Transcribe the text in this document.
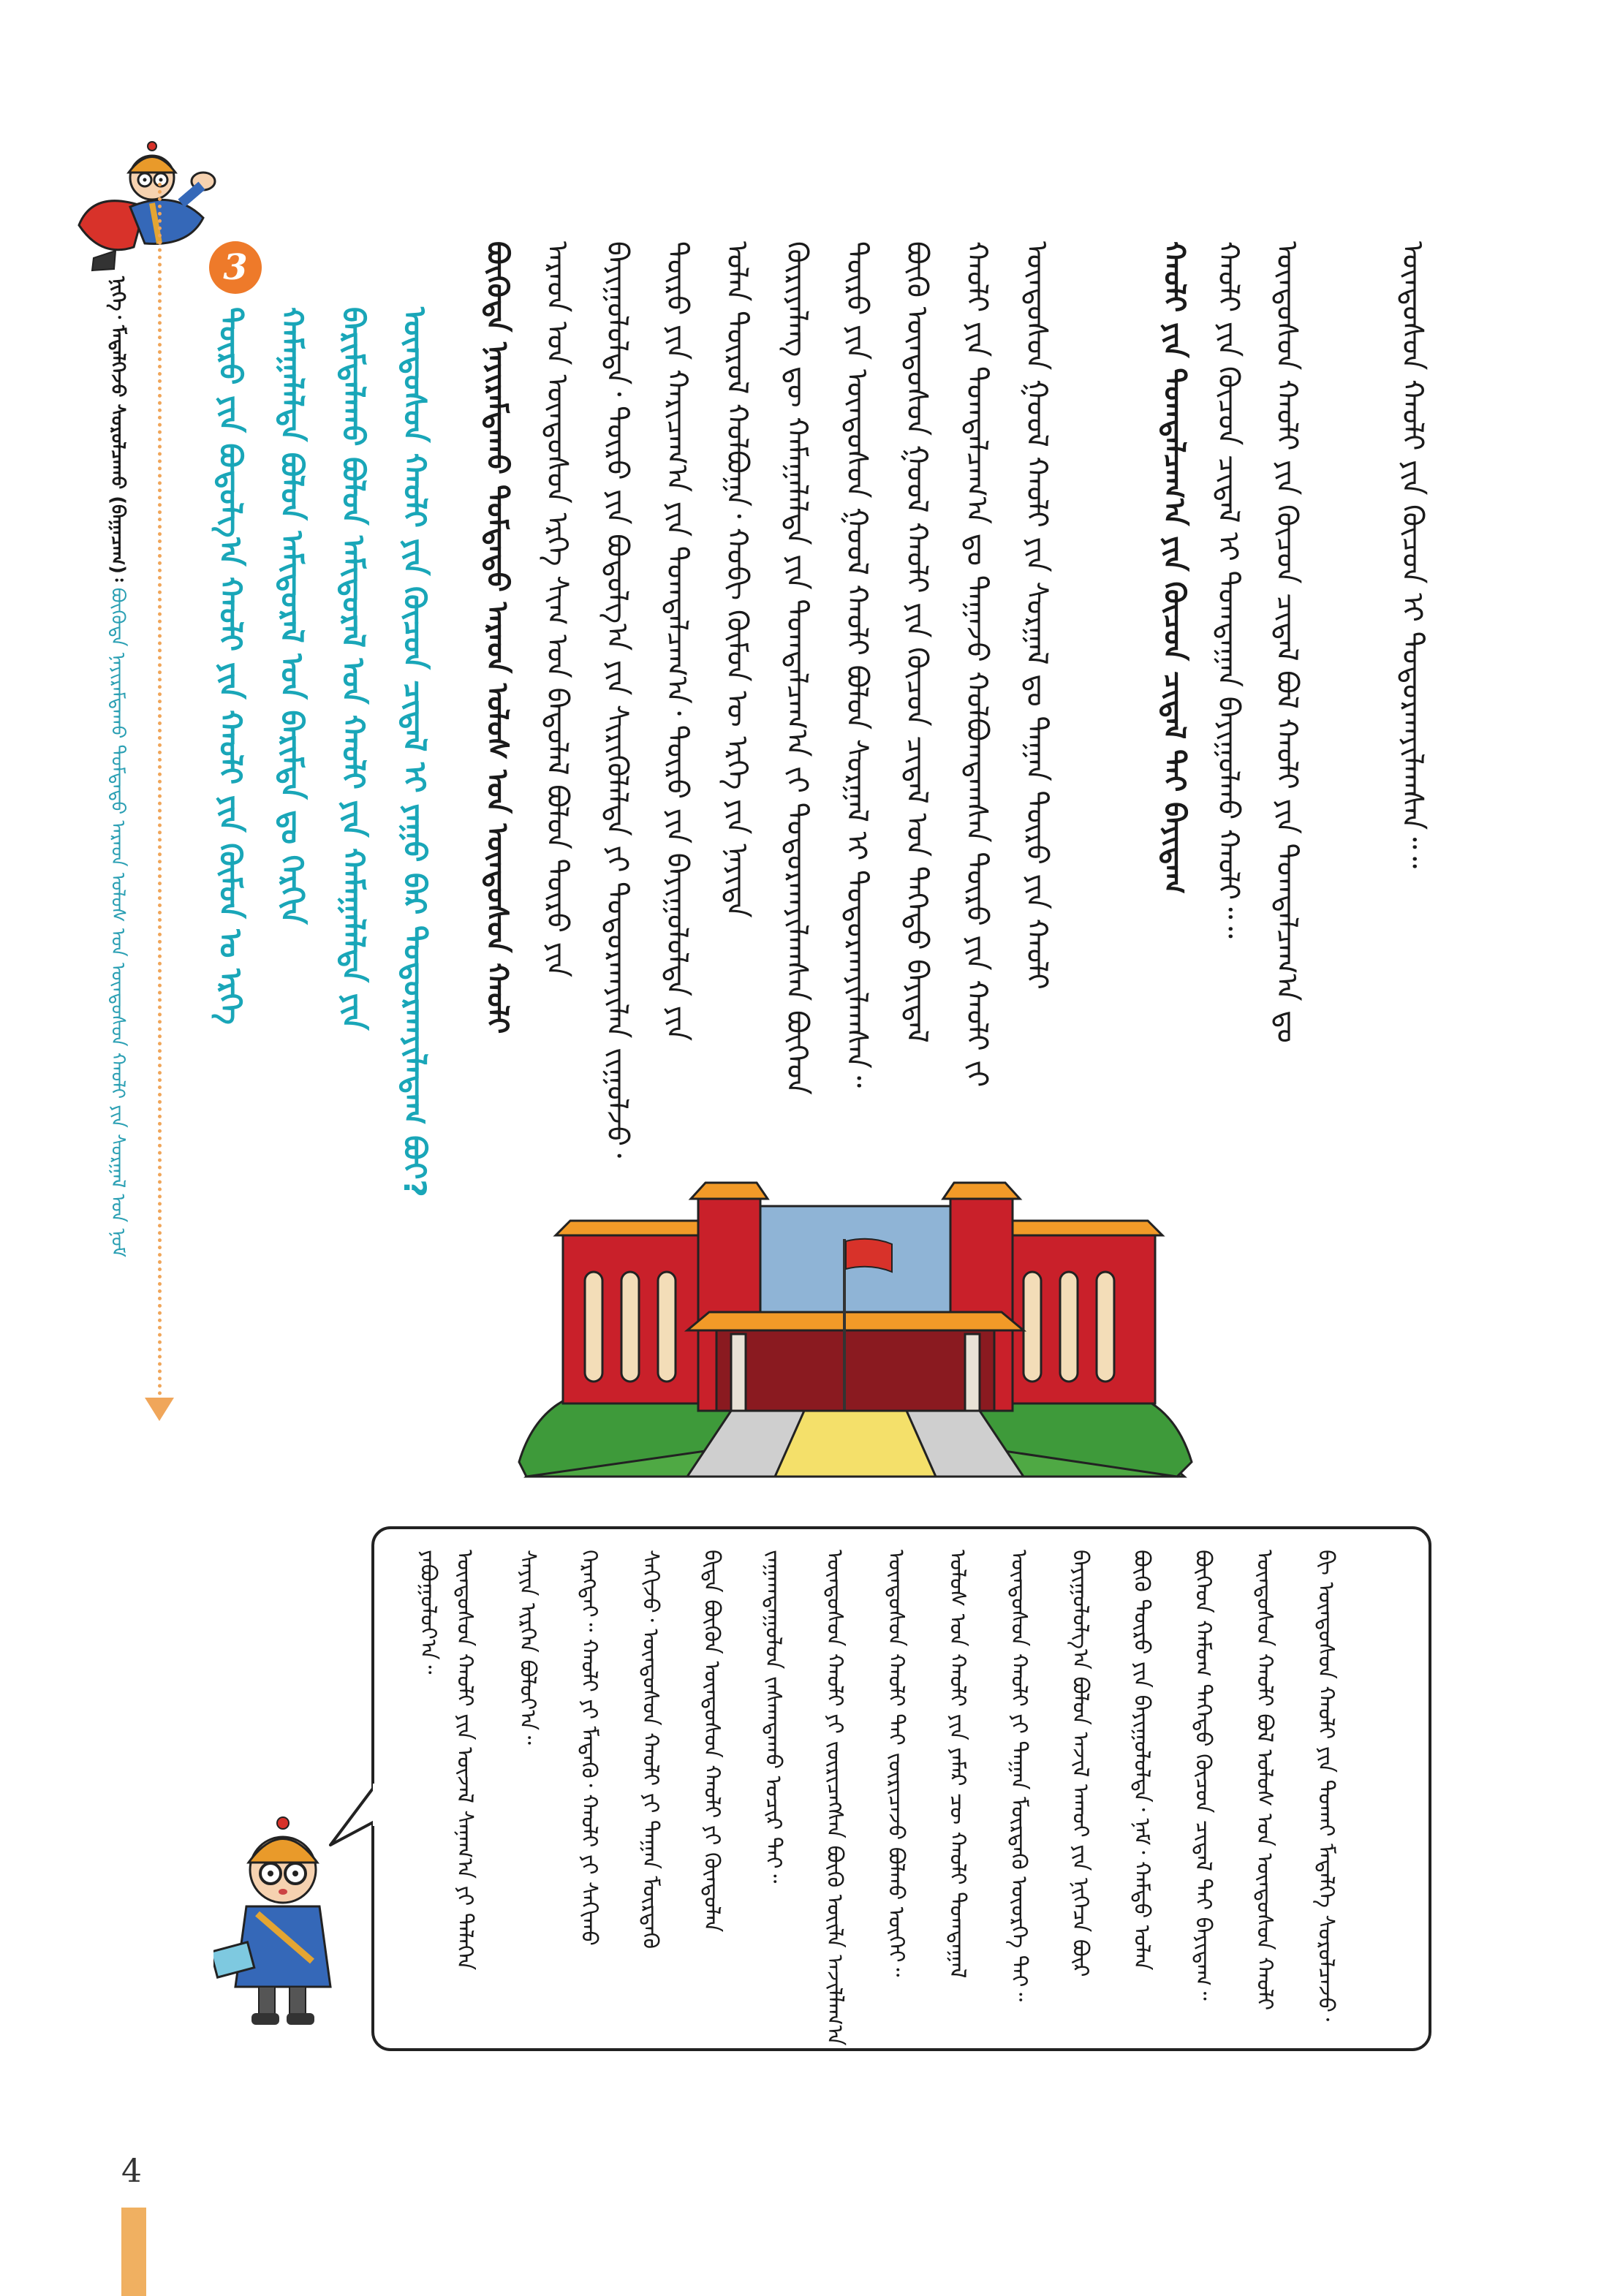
ᠨᠢᠭᠡ᠂ ᠮᠡᠳᠡᠯᠭᠡᠵᠦ ᠰᠤᠷᠤᠯᠴᠠᠬᠤ (ᠪᠠᠭᠠᠴᠠᠭ)᠄ ᠪᠦᠭᠦᠳᠡ ᠨᠠᠶᠢᠷᠠᠮᠳᠠᠬᠤ ᠳᠤᠮᠳᠠᠳᠤ ᠠᠷᠠᠳ ᠤᠯᠤᠰ ᠤᠨ ᠦᠨᠳᠦᠰᠦᠨ ᠬᠠᠤᠯᠢ ᠶᠢᠨ ᠰᠤᠷᠭᠠᠯ ᠤᠨ ᠨᠣᠮ
3
ᠲᠥᠷᠦ ᠶᠢᠨ ᠪᠣᠳᠣᠯᠭ᠎ᠠ ᠬᠠᠤᠯᠢ ᠶᠢᠨ ᠬᠠᠤᠯᠢ ᠶᠢᠨ ᠬᠦᠮᠦᠨ ᠤ ᠡᠷᠬᠡ ᠬᠠᠮᠠᠭᠠᠯᠠᠯᠲᠠ ᠪᠣᠯᠤᠨ ᠠᠮᠢᠳᠤᠷᠠᠯ ᠤᠨ ᠪᠠᠷᠢᠮᠲᠠ ᠳᠤ ᠬᠡᠷᠬᠢᠨ ᠪᠠᠷᠢᠮᠲᠠᠯᠠᠬᠤ ᠪᠣᠯᠤᠨ ᠠᠮᠢᠳᠤᠷᠠᠯ ᠤᠨ ᠬᠠᠤᠯᠢ ᠶᠢᠨ ᠬᠠᠮᠠᠭᠠᠯᠠᠯᠲᠠ ᠶᠢᠨ ᠦᠨᠳᠦᠰᠦᠨ ᠬᠠᠤᠯᠢ ᠶᠢᠨ ᠬᠦᠴᠦᠨ ᠴᠢᠳᠠᠯ ᠢ ᠶᠠᠭᠤ ᠪᠡᠷ ᠲᠣᠳᠤᠷᠬᠠᠶᠢᠯᠠᠳᠠᠭ ᠪᠤᠢ? ᠪᠦᠭᠦᠳᠡ ᠨᠠᠶᠢᠷᠠᠮᠳᠠᠬᠤ ᠳᠤᠮᠳᠠᠳᠤ ᠠᠷᠠᠳ ᠤᠯᠤᠰ ᠤᠨ ᠦᠨᠳᠦᠰᠦᠨ ᠬᠠᠤᠯᠢ ᠠᠷᠠᠳ ᠤᠨ ᠦᠨᠳᠦᠰᠦᠨ ᠡᠷᠬᠡ ᠰᠢᠭ᠋ ᠤᠨ ᠪᠠᠲᠤᠯᠠᠯ ᠪᠣᠯᠤᠨ ᠲᠥᠷᠦ ᠶᠢᠨ ᠪᠠᠶᠢᠭᠤᠯᠤᠯᠲᠠ᠂ ᠲᠥᠷᠦ ᠶᠢᠨ ᠪᠣᠳᠣᠯᠭ᠎ᠠ ᠶᠢᠨ ᠰᠢᠷᠢᠭᠦᠯᠡᠯᠲᠡ ᠶᠢ ᠲᠣᠳᠤᠷᠬᠠᠶᠢᠯᠠᠨ ᠵᠢᠭᠤᠯᠵᠤ᠂ ᠲᠥᠷᠦ ᠶᠢᠨ ᠬᠠᠷᠢᠴᠠᠭ᠎ᠠ ᠶᠢᠨ ᠲᠣᠭᠲᠠᠯᠴᠠᠭ᠎ᠠ᠂ ᠲᠥᠷᠦ ᠶᠢᠨ ᠪᠠᠶᠢᠭᠤᠯᠤᠯᠲᠠ ᠶᠢᠨ ᠣᠯᠠᠨ ᠲᠥᠷᠥᠯ ᠬᠣᠯᠪᠣᠭᠠ᠂ ᠬᠤᠪᠢ ᠬᠥᠮᠦᠨ ᠦ ᠡᠷᠬᠡ ᠶᠢᠨ ᠨᠡᠶᠢᠲᠡ ᠬᠦᠷᠢᠶᠡᠯᠡᠩ ᠳᠦ ᠬᠠᠮᠠᠭᠠᠯᠠᠯᠲᠠ ᠶᠢᠨ ᠲᠣᠭᠲᠠᠯᠴᠠᠭ᠎ᠠ ᠵᠢ ᠲᠣᠳᠤᠷᠬᠠᠶᠢᠯᠠᠭᠰᠠᠨ ᠪᠥᠭᠡᠳ ᠲᠥᠷᠦ ᠶᠢᠨ ᠦᠨᠳᠦᠰᠦᠨ ᠭᠣᠤᠯ ᠬᠠᠤᠯᠢ ᠪᠣᠯᠤᠨ ᠰᠤᠷᠭᠠᠯ ᠢ ᠲᠣᠳᠤᠷᠬᠠᠶᠢᠯᠠᠭᠰᠠᠨ᠃ ᠪᠦᠬᠦ ᠦᠨᠳᠦᠰᠦᠨ ᠭᠣᠤᠯ ᠬᠠᠤᠯᠢ ᠶᠢᠨ ᠬᠦᠴᠦᠨ ᠴᠢᠳᠠᠯ ᠤᠨ ᠳᠡᠭᠡᠳᠦ ᠪᠠᠶᠢᠳᠠᠯ ᠬᠠᠤᠯᠢ ᠶᠢᠨ ᠲᠣᠭᠲᠠᠯᠴᠠᠭ᠎ᠠ ᠳᠤ ᠳᠠᠭᠠᠵᠤ ᠬᠣᠯᠪᠣᠭᠳᠠᠭᠰᠠᠨ ᠲᠥᠷᠦ ᠶᠢᠨ ᠬᠠᠤᠯᠢ ᠵᠢ ᠦᠨᠳᠦᠰᠦᠨ ᠭᠣᠤᠯ ᠬᠠᠤᠯᠢ ᠶᠢᠨ ᠰᠤᠷᠭᠠᠯ ᠳᠤ ᠳᠠᠭᠠᠨ ᠲᠥᠷᠦ ᠶᠢᠨ ᠬᠠᠤᠯᠢ	ᠬᠠᠤᠯᠢ ᠶᠢᠨ ᠲᠣᠭᠲᠠᠯᠴᠠᠭ᠎ᠠ ᠶᠢᠨ ᠬᠦᠴᠦᠨ ᠴᠢᠳᠠᠯ ᠲᠠᠢ ᠪᠠᠶᠢᠳᠠᠭ ᠬᠠᠤᠯᠢ ᠶᠢᠨ ᠬᠦᠴᠦᠨ ᠴᠢᠳᠠᠯ ᠢ ᠲᠣᠭᠲᠠᠭᠠᠨ ᠪᠠᠶᠢᠭᠤᠯᠬᠤ ᠬᠠᠤᠯᠢ᠃᠃ ᠦᠨᠳᠦᠰᠦᠨ ᠬᠠᠤᠯᠢ ᠶᠢᠨ ᠬᠦᠴᠦᠨ ᠴᠢᠳᠠᠯ ᠪᠣᠯ ᠬᠠᠤᠯᠢ ᠶᠢᠨ ᠲᠣᠭᠲᠠᠯᠴᠠᠭ᠎ᠠ ᠳᠤ	ᠦᠨᠳᠦᠰᠦᠨ ᠬᠠᠤᠯᠢ ᠶᠢᠨ ᠬᠦᠴᠦᠨ ᠢ ᠲᠣᠳᠤᠷᠬᠠᠶᠢᠯᠠᠭᠰᠠᠨ᠃᠃
ᠶᠠᠪᠤᠭᠤᠯᠤᠶ᠎ᠠ᠃ ᠦᠨᠳᠦᠰᠦᠨ ᠬᠠᠤᠯᠢ ᠶᠢᠨ ᠦᠵᠡᠯ ᠰᠠᠨᠠᠭ᠎ᠠ ᠶᠢ ᠲᠡᠯᠡᠭᠡᠨ ᠰᠠᠶᠢᠨ ᠢᠷᠭᠡᠨ ᠪᠣᠯᠤᠶ᠎ᠠ᠃ ᠬᠡᠷᠡᠭᠲᠡᠢ᠃ ᠬᠠᠤᠯᠢ ᠶᠢ ᠮᠡᠳᠡᠬᠦ᠂ ᠬᠠᠤᠯᠢ ᠶᠢ ᠰᠠᠬᠢᠬᠤ ᠰᠠᠬᠢᠵᠤ᠂ ᠦᠨᠳᠦᠰᠦᠨ ᠬᠠᠤᠯᠢ ᠶᠢ ᠳᠠᠭᠠᠨ ᠮᠥᠷᠳᠡᠬᠦ ᠪᠢᠳᠡ ᠪᠦᠬᠦᠨ ᠦᠨᠳᠦᠰᠦᠨ ᠬᠠᠤᠯᠢ ᠶᠢ ᠬᠦᠨᠳᠦᠯᠡᠨ ᠵᠠᠭᠠᠭᠳᠠᠭᠤᠯᠤᠨ ᠵᠠᠰᠠᠭᠳᠠᠬᠤ ᠤᠴᠢᠷ ᠲᠠᠢ᠃ ᠦᠨᠳᠦᠰᠦᠨ ᠬᠠᠤᠯᠢ ᠶᠢ ᠵᠥᠷᠢᠴᠡᠭᠰᠡᠨ ᠪᠦᠬᠦ ᠦᠢᠯᠡ ᠠᠵᠢᠯᠯᠠᠭ᠎ᠠ ᠦᠨᠳᠦᠰᠦᠨ ᠬᠠᠤᠯᠢ ᠲᠠᠢ ᠵᠥᠷᠢᠴᠡᠵᠦ ᠪᠣᠯᠬᠤ ᠦᠭᠡᠢ᠃ ᠤᠯᠤᠰ ᠤᠨ ᠬᠠᠤᠯᠢ ᠶᠢᠨ ᠶᠠᠮᠠᠷ ᠴᠦ ᠬᠠᠤᠯᠢ ᠲᠣᠭᠲᠠᠭᠠᠯ ᠦᠨᠳᠦᠰᠦᠨ ᠬᠠᠤᠯᠢ ᠶᠢ ᠳᠠᠭᠠᠨ ᠮᠥᠷᠳᠡᠬᠦ ᠦᠦᠷᠭᠡ ᠲᠠᠢ᠃ ᠪᠠᠶᠢᠭᠤᠯᠤᠯᠭ᠎ᠠ ᠪᠣᠯᠤᠨ ᠠᠵᠢᠯ ᠠᠬᠤᠢ ᠶᠢᠨ ᠨᠢᠭᠡᠴᠡ ᠪᠦᠷ ᠪᠦᠬᠦ ᠲᠥᠷᠦ ᠶᠢᠨ ᠪᠠᠶᠢᠭᠤᠯᠤᠯᠲᠠ᠂ ᠨᠠᠮ᠂ ᠬᠠᠮᠲᠤ ᠣᠯᠠᠨ ᠪᠥᠭᠡᠳ ᠬᠠᠮᠤᠭ ᠳᠡᠭᠡᠳᠦ ᠬᠦᠴᠦᠨ ᠴᠢᠳᠠᠯ ᠲᠠᠢ ᠪᠠᠶᠢᠳᠠᠭ᠃ ᠦᠨᠳᠦᠰᠦᠨ ᠬᠠᠤᠯᠢ ᠪᠣᠯ ᠤᠯᠤᠰ ᠤᠨ ᠦᠨᠳᠦᠰᠦᠨ ᠬᠠᠤᠯᠢ ᠪᠢ ᠦᠨᠳᠦᠰᠦᠨ ᠬᠠᠤᠯᠢ ᠶᠢᠨ ᠲᠤᠬᠠᠢ ᠮᠡᠳᠡᠯᠭᠡ ᠰᠤᠷᠤᠯᠴᠠᠵᠤ᠂
4
